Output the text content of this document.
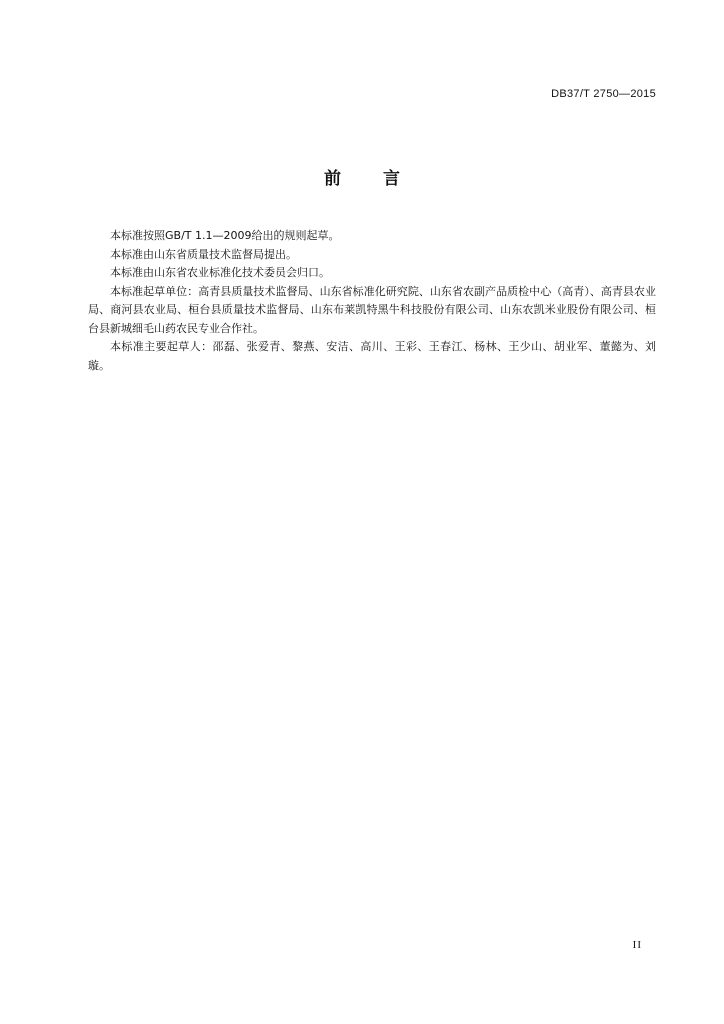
DB37/T 2750—2015
前 言

本标准按照GB/T 1.1—2009给出的规则起草。

本标准由山东省质量技术监督局提出。

本标准由山东省农业标准化技术委员会归口。

本标准起草单位：高青县质量技术监督局、山东省标准化研究院、山东省农副产品质检中心（高青）、高青县农业局、商河县农业局、桓台县质量技术监督局、山东布莱凯特黑牛科技股份有限公司、山东农凯米业股份有限公司、桓台县新城细毛山药农民专业合作社。

本标准主要起草人：邵磊、张爱青、黎燕、安洁、高川、王彩、王春江、杨林、王少山、胡业军、董懿为、刘璇。

II
